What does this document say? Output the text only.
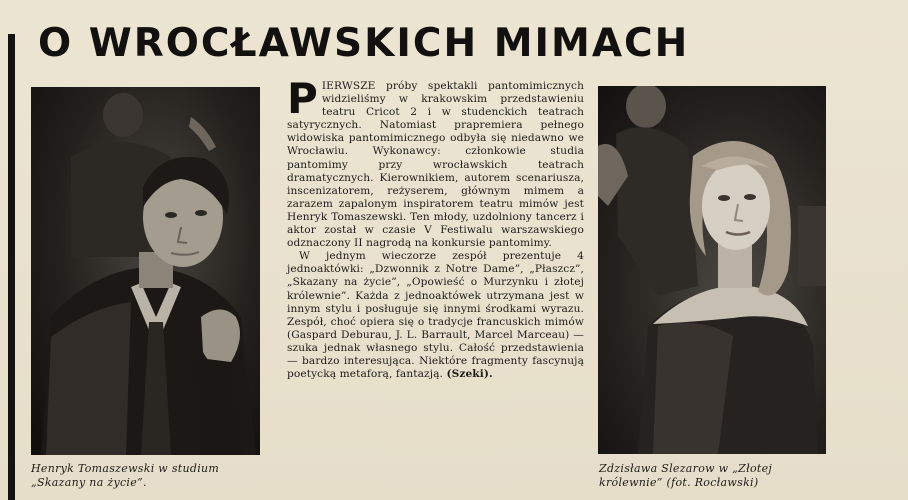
O WROCŁAWSKICH MIMACH
Henryk Tomaszewski w studium „Skazany na życie”.
Zdzisława Slezarow w „Złotej królewnie” (fot. Rocławski)

PIERWSZE próby spektakli pantomimicznych widzieliśmy w krakowskim przedstawieniu teatru Cricot 2 i w studenckich teatrach satyrycznych. Natomiast prapremiera pełnego widowiska pantomimicznego odbyła się niedawno we Wrocławiu. Wykonawcy: członkowie studia pantomimy przy wrocławskich teatrach dramatycznych. Kierownikiem, autorem scenariusza, inscenizatorem, reżyserem, głównym mimem a zarazem zapalonym inspiratorem teatru mimów jest Henryk Tomaszewski. Ten młody, uzdolniony tancerz i aktor został w czasie V Festiwalu warszawskiego odznaczony II nagrodą na konkursie pantomimy.

W jednym wieczorze zespół prezentuje 4 jednoaktówki: „Dzwonnik z Notre Dame”, „Płaszcz”, „Skazany na życie”, „Opowieść o Murzynku i złotej królewnie”. Każda z jednoaktówek utrzymana jest w innym stylu i posługuje się innymi środkami wyrazu. Zespół, choć opiera się o tradycje francuskich mimów (Gaspard Deburau, J. L. Barrault, Marcel Marceau) — szuka jednak własnego stylu. Całość przedstawienia — bardzo interesująca. Niektóre fragmenty fascynują poetycką metaforą, fantazją. (Szeki).
